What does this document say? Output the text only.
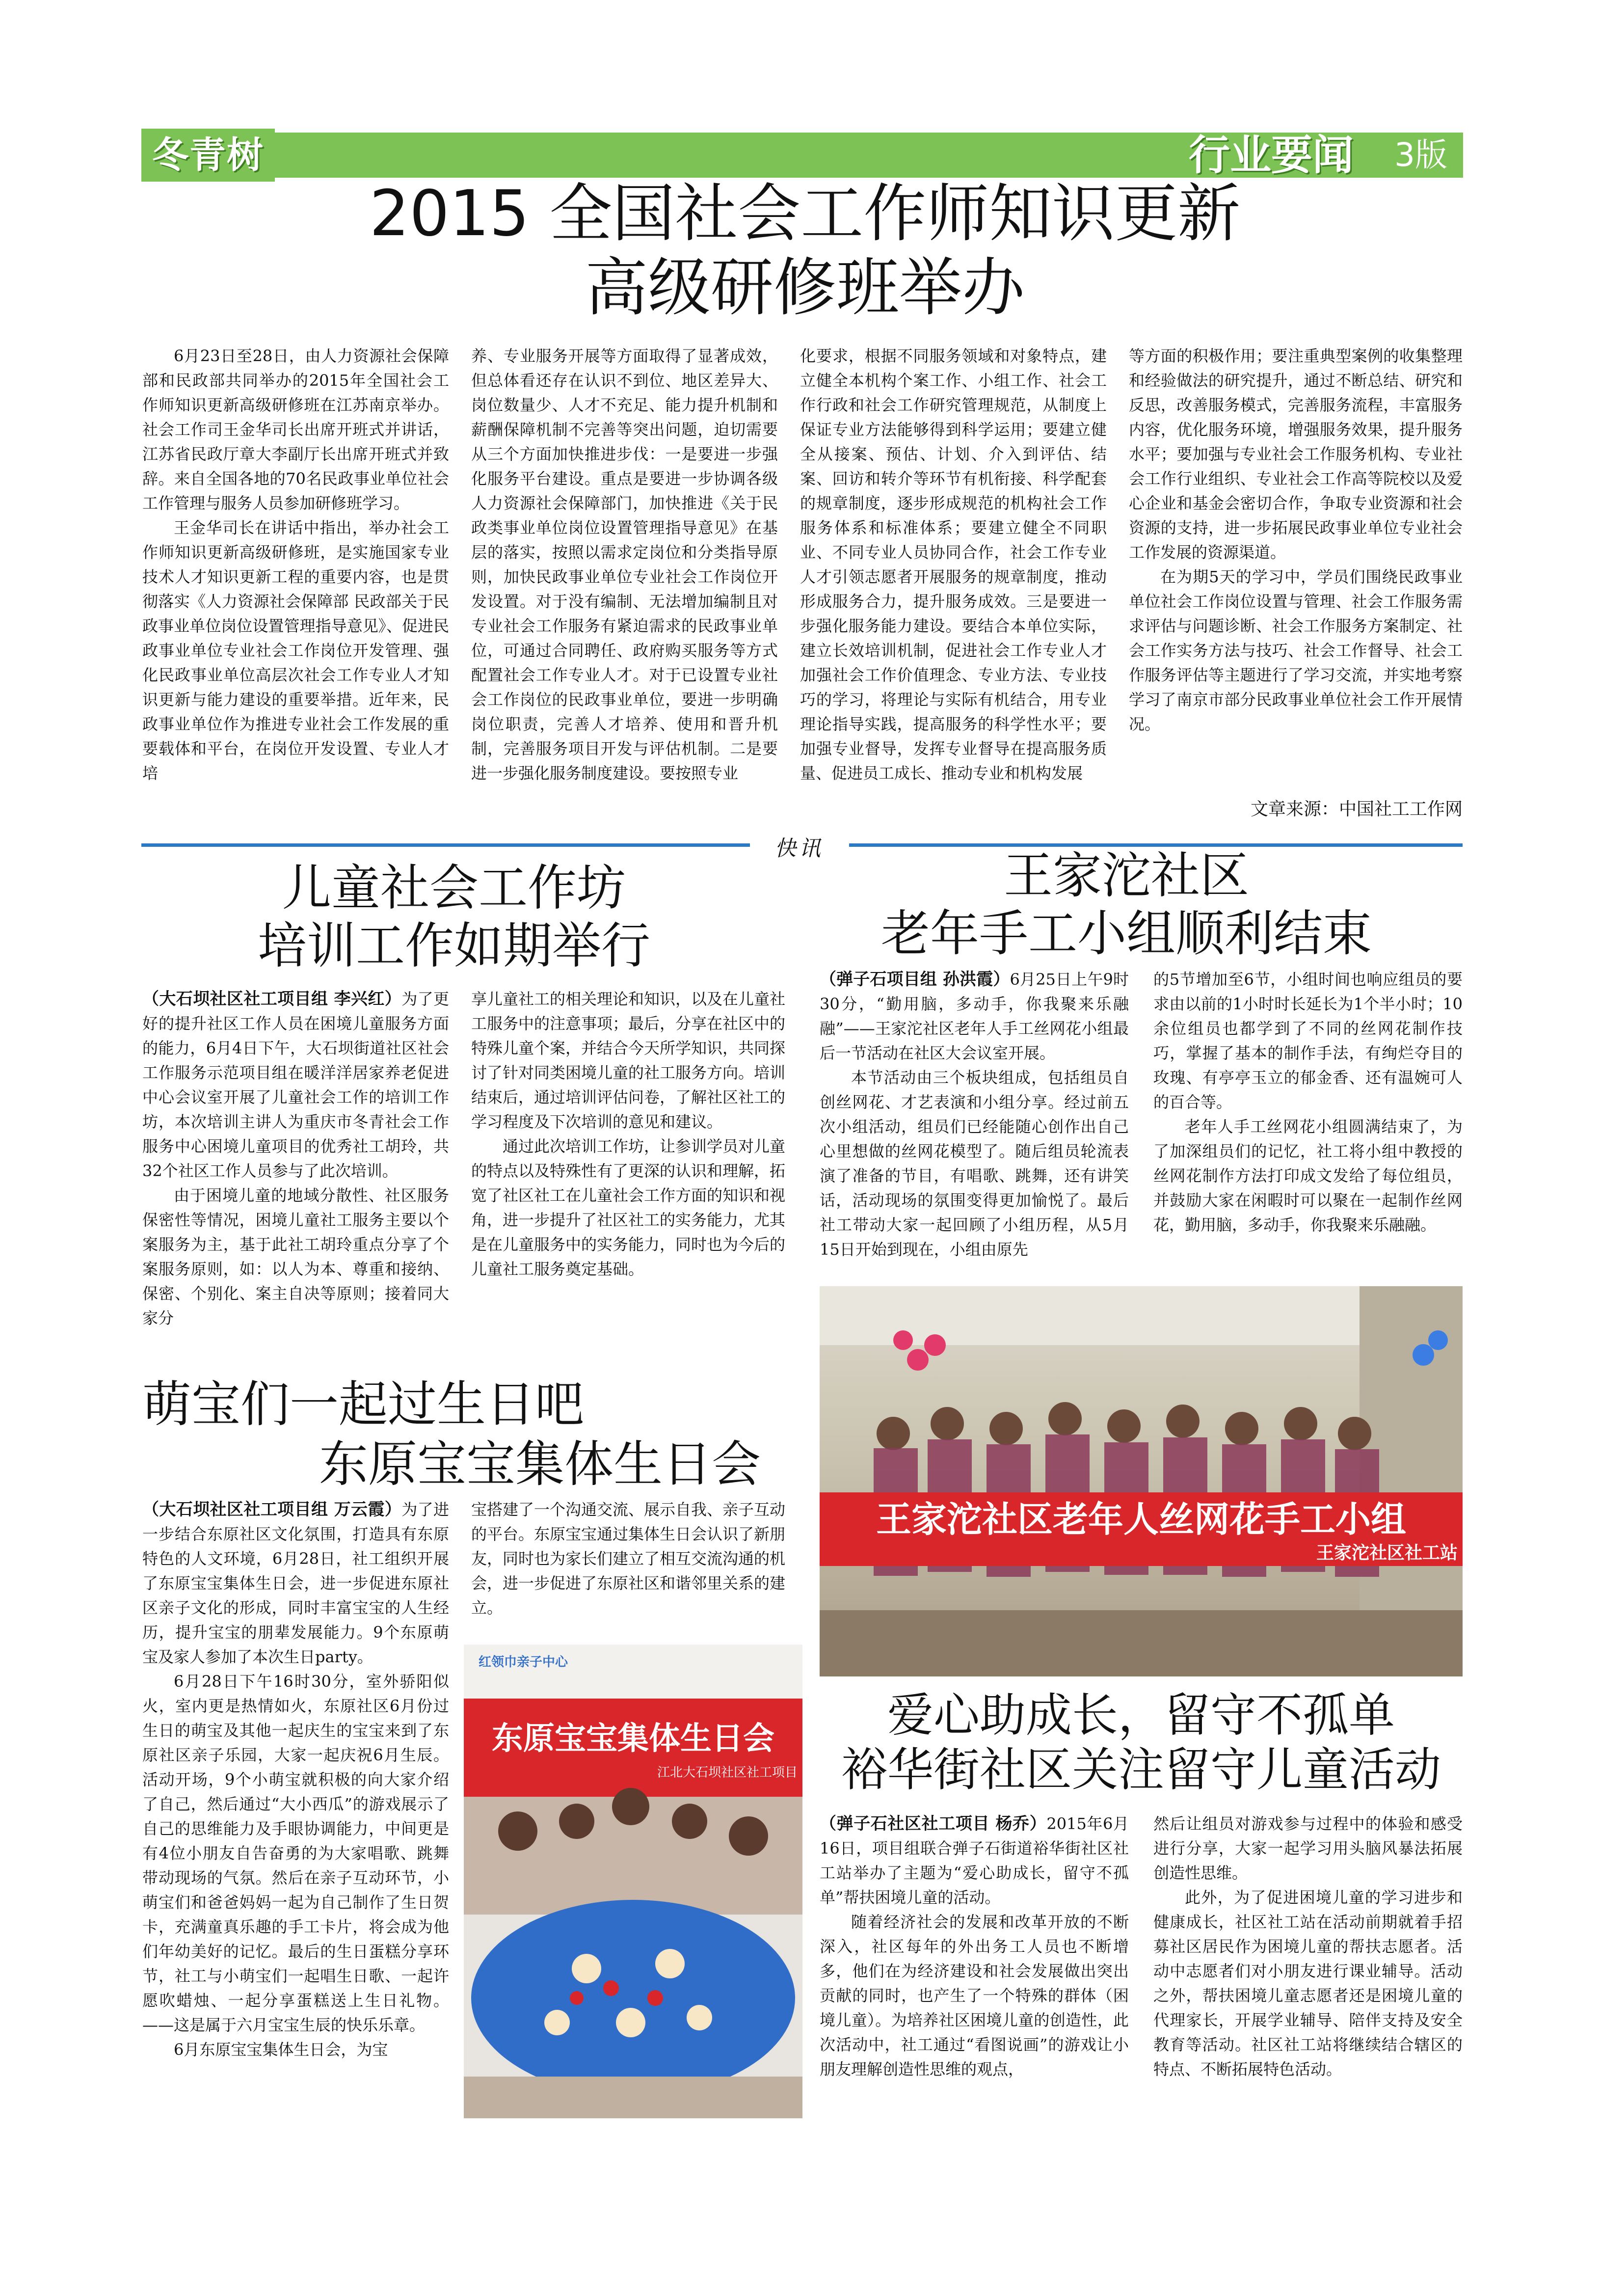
冬青树	行业要闻	3版
2015 全国社会工作师知识更新
高级研修班举办

6月23日至28日，由人力资源社会保障部和民政部共同举办的2015年全国社会工作师知识更新高级研修班在江苏南京举办。社会工作司王金华司长出席开班式并讲话，江苏省民政厅章大李副厅长出席开班式并致辞。来自全国各地的70名民政事业单位社会工作管理与服务人员参加研修班学习。

王金华司长在讲话中指出，举办社会工作师知识更新高级研修班，是实施国家专业技术人才知识更新工程的重要内容，也是贯彻落实《人力资源社会保障部 民政部关于民政事业单位岗位设置管理指导意见》、促进民政事业单位专业社会工作岗位开发管理、强化民政事业单位高层次社会工作专业人才知识更新与能力建设的重要举措。近年来，民政事业单位作为推进专业社会工作发展的重要载体和平台，在岗位开发设置、专业人才培

养、专业服务开展等方面取得了显著成效，但总体看还存在认识不到位、地区差异大、岗位数量少、人才不充足、能力提升机制和薪酬保障机制不完善等突出问题，迫切需要从三个方面加快推进步伐：一是要进一步强化服务平台建设。重点是要进一步协调各级人力资源社会保障部门，加快推进《关于民政类事业单位岗位设置管理指导意见》在基层的落实，按照以需求定岗位和分类指导原则，加快民政事业单位专业社会工作岗位开发设置。对于没有编制、无法增加编制且对专业社会工作服务有紧迫需求的民政事业单位，可通过合同聘任、政府购买服务等方式配置社会工作专业人才。对于已设置专业社会工作岗位的民政事业单位，要进一步明确岗位职责，完善人才培养、使用和晋升机制，完善服务项目开发与评估机制。二是要进一步强化服务制度建设。要按照专业

化要求，根据不同服务领域和对象特点，建立健全本机构个案工作、小组工作、社会工作行政和社会工作研究管理规范，从制度上保证专业方法能够得到科学运用；要建立健全从接案、预估、计划、介入到评估、结案、回访和转介等环节有机衔接、科学配套的规章制度，逐步形成规范的机构社会工作服务体系和标准体系；要建立健全不同职业、不同专业人员协同合作，社会工作专业人才引领志愿者开展服务的规章制度，推动形成服务合力，提升服务成效。三是要进一步强化服务能力建设。要结合本单位实际，建立长效培训机制，促进社会工作专业人才加强社会工作价值理念、专业方法、专业技巧的学习，将理论与实际有机结合，用专业理论指导实践，提高服务的科学性水平；要加强专业督导，发挥专业督导在提高服务质量、促进员工成长、推动专业和机构发展

等方面的积极作用；要注重典型案例的收集整理和经验做法的研究提升，通过不断总结、研究和反思，改善服务模式，完善服务流程，丰富服务内容，优化服务环境，增强服务效果，提升服务水平；要加强与专业社会工作服务机构、专业社会工作行业组织、专业社会工作高等院校以及爱心企业和基金会密切合作，争取专业资源和社会资源的支持，进一步拓展民政事业单位专业社会工作发展的资源渠道。

在为期5天的学习中，学员们围绕民政事业单位社会工作岗位设置与管理、社会工作服务需求评估与问题诊断、社会工作服务方案制定、社会工作实务方法与技巧、社会工作督导、社会工作服务评估等主题进行了学习交流，并实地考察学习了南京市部分民政事业单位社会工作开展情况。

文章来源：中国社工工作网
快讯
儿童社会工作坊
培训工作如期举行

（大石坝社区社工项目组 李兴红）为了更好的提升社区工作人员在困境儿童服务方面的能力，6月4日下午，大石坝街道社区社会工作服务示范项目组在暖洋洋居家养老促进中心会议室开展了儿童社会工作的培训工作坊，本次培训主讲人为重庆市冬青社会工作服务中心困境儿童项目的优秀社工胡玲，共32个社区工作人员参与了此次培训。

由于困境儿童的地域分散性、社区服务保密性等情况，困境儿童社工服务主要以个案服务为主，基于此社工胡玲重点分享了个案服务原则，如：以人为本、尊重和接纳、保密、个别化、案主自决等原则；接着同大家分

享儿童社工的相关理论和知识，以及在儿童社工服务中的注意事项；最后，分享在社区中的特殊儿童个案，并结合今天所学知识，共同探讨了针对同类困境儿童的社工服务方向。培训结束后，通过培训评估问卷，了解社区社工的学习程度及下次培训的意见和建议。

通过此次培训工作坊，让参训学员对儿童的特点以及特殊性有了更深的认识和理解，拓宽了社区社工在儿童社会工作方面的知识和视角，进一步提升了社区社工的实务能力，尤其是在儿童服务中的实务能力，同时也为今后的儿童社工服务奠定基础。

王家沱社区
老年手工小组顺利结束

（弹子石项目组 孙洪霞）6月25日上午9时30分，“勤用脑，多动手，你我聚来乐融融”——王家沱社区老年人手工丝网花小组最后一节活动在社区大会议室开展。

本节活动由三个板块组成，包括组员自创丝网花、才艺表演和小组分享。经过前五次小组活动，组员们已经能随心创作出自己心里想做的丝网花模型了。随后组员轮流表演了准备的节目，有唱歌、跳舞，还有讲笑话，活动现场的氛围变得更加愉悦了。最后社工带动大家一起回顾了小组历程，从5月15日开始到现在，小组由原先

的5节增加至6节，小组时间也响应组员的要求由以前的1小时时长延长为1个半小时；10余位组员也都学到了不同的丝网花制作技巧，掌握了基本的制作手法，有绚烂夺目的玫瑰、有亭亭玉立的郁金香、还有温婉可人的百合等。

老年人手工丝网花小组圆满结束了，为了加深组员们的记忆，社工将小组中教授的丝网花制作方法打印成文发给了每位组员，并鼓励大家在闲暇时可以聚在一起制作丝网花，勤用脑，多动手，你我聚来乐融融。

王家沱社区老年人丝网花手工小组
王家沱社区社工站
萌宝们一起过生日吧
东原宝宝集体生日会

（大石坝社区社工项目组 万云霞）为了进一步结合东原社区文化氛围，打造具有东原特色的人文环境，6月28日，社工组织开展了东原宝宝集体生日会，进一步促进东原社区亲子文化的形成，同时丰富宝宝的人生经历，提升宝宝的朋辈发展能力。9个东原萌宝及家人参加了本次生日party。

6月28日下午16时30分，室外骄阳似火，室内更是热情如火，东原社区6月份过生日的萌宝及其他一起庆生的宝宝来到了东原社区亲子乐园，大家一起庆祝6月生辰。活动开场，9个小萌宝就积极的向大家介绍了自己，然后通过“大小西瓜”的游戏展示了自己的思维能力及手眼协调能力，中间更是有4位小朋友自告奋勇的为大家唱歌、跳舞带动现场的气氛。然后在亲子互动环节，小萌宝们和爸爸妈妈一起为自己制作了生日贺卡，充满童真乐趣的手工卡片，将会成为他们年幼美好的记忆。最后的生日蛋糕分享环节，社工与小萌宝们一起唱生日歌、一起许愿吹蜡烛、一起分享蛋糕送上生日礼物。——这是属于六月宝宝生辰的快乐乐章。

6月东原宝宝集体生日会，为宝

宝搭建了一个沟通交流、展示自我、亲子互动的平台。东原宝宝通过集体生日会认识了新朋友，同时也为家长们建立了相互交流沟通的机会，进一步促进了东原社区和谐邻里关系的建立。

红领巾亲子中心
东原宝宝集体生日会
江北大石坝社区社工项目
爱心助成长，留守不孤单
裕华街社区关注留守儿童活动

（弹子石社区社工项目 杨乔）2015年6月16日，项目组联合弹子石街道裕华街社区社工站举办了主题为“爱心助成长，留守不孤单”帮扶困境儿童的活动。

随着经济社会的发展和改革开放的不断深入，社区每年的外出务工人员也不断增多，他们在为经济建设和社会发展做出突出贡献的同时，也产生了一个特殊的群体（困境儿童）。为培养社区困境儿童的创造性，此次活动中，社工通过“看图说画”的游戏让小朋友理解创造性思维的观点，

然后让组员对游戏参与过程中的体验和感受进行分享，大家一起学习用头脑风暴法拓展创造性思维。

此外，为了促进困境儿童的学习进步和健康成长，社区社工站在活动前期就着手招募社区居民作为困境儿童的帮扶志愿者。活动中志愿者们对小朋友进行课业辅导。活动之外，帮扶困境儿童志愿者还是困境儿童的代理家长，开展学业辅导、陪伴支持及安全教育等活动。社区社工站将继续结合辖区的特点、不断拓展特色活动。
